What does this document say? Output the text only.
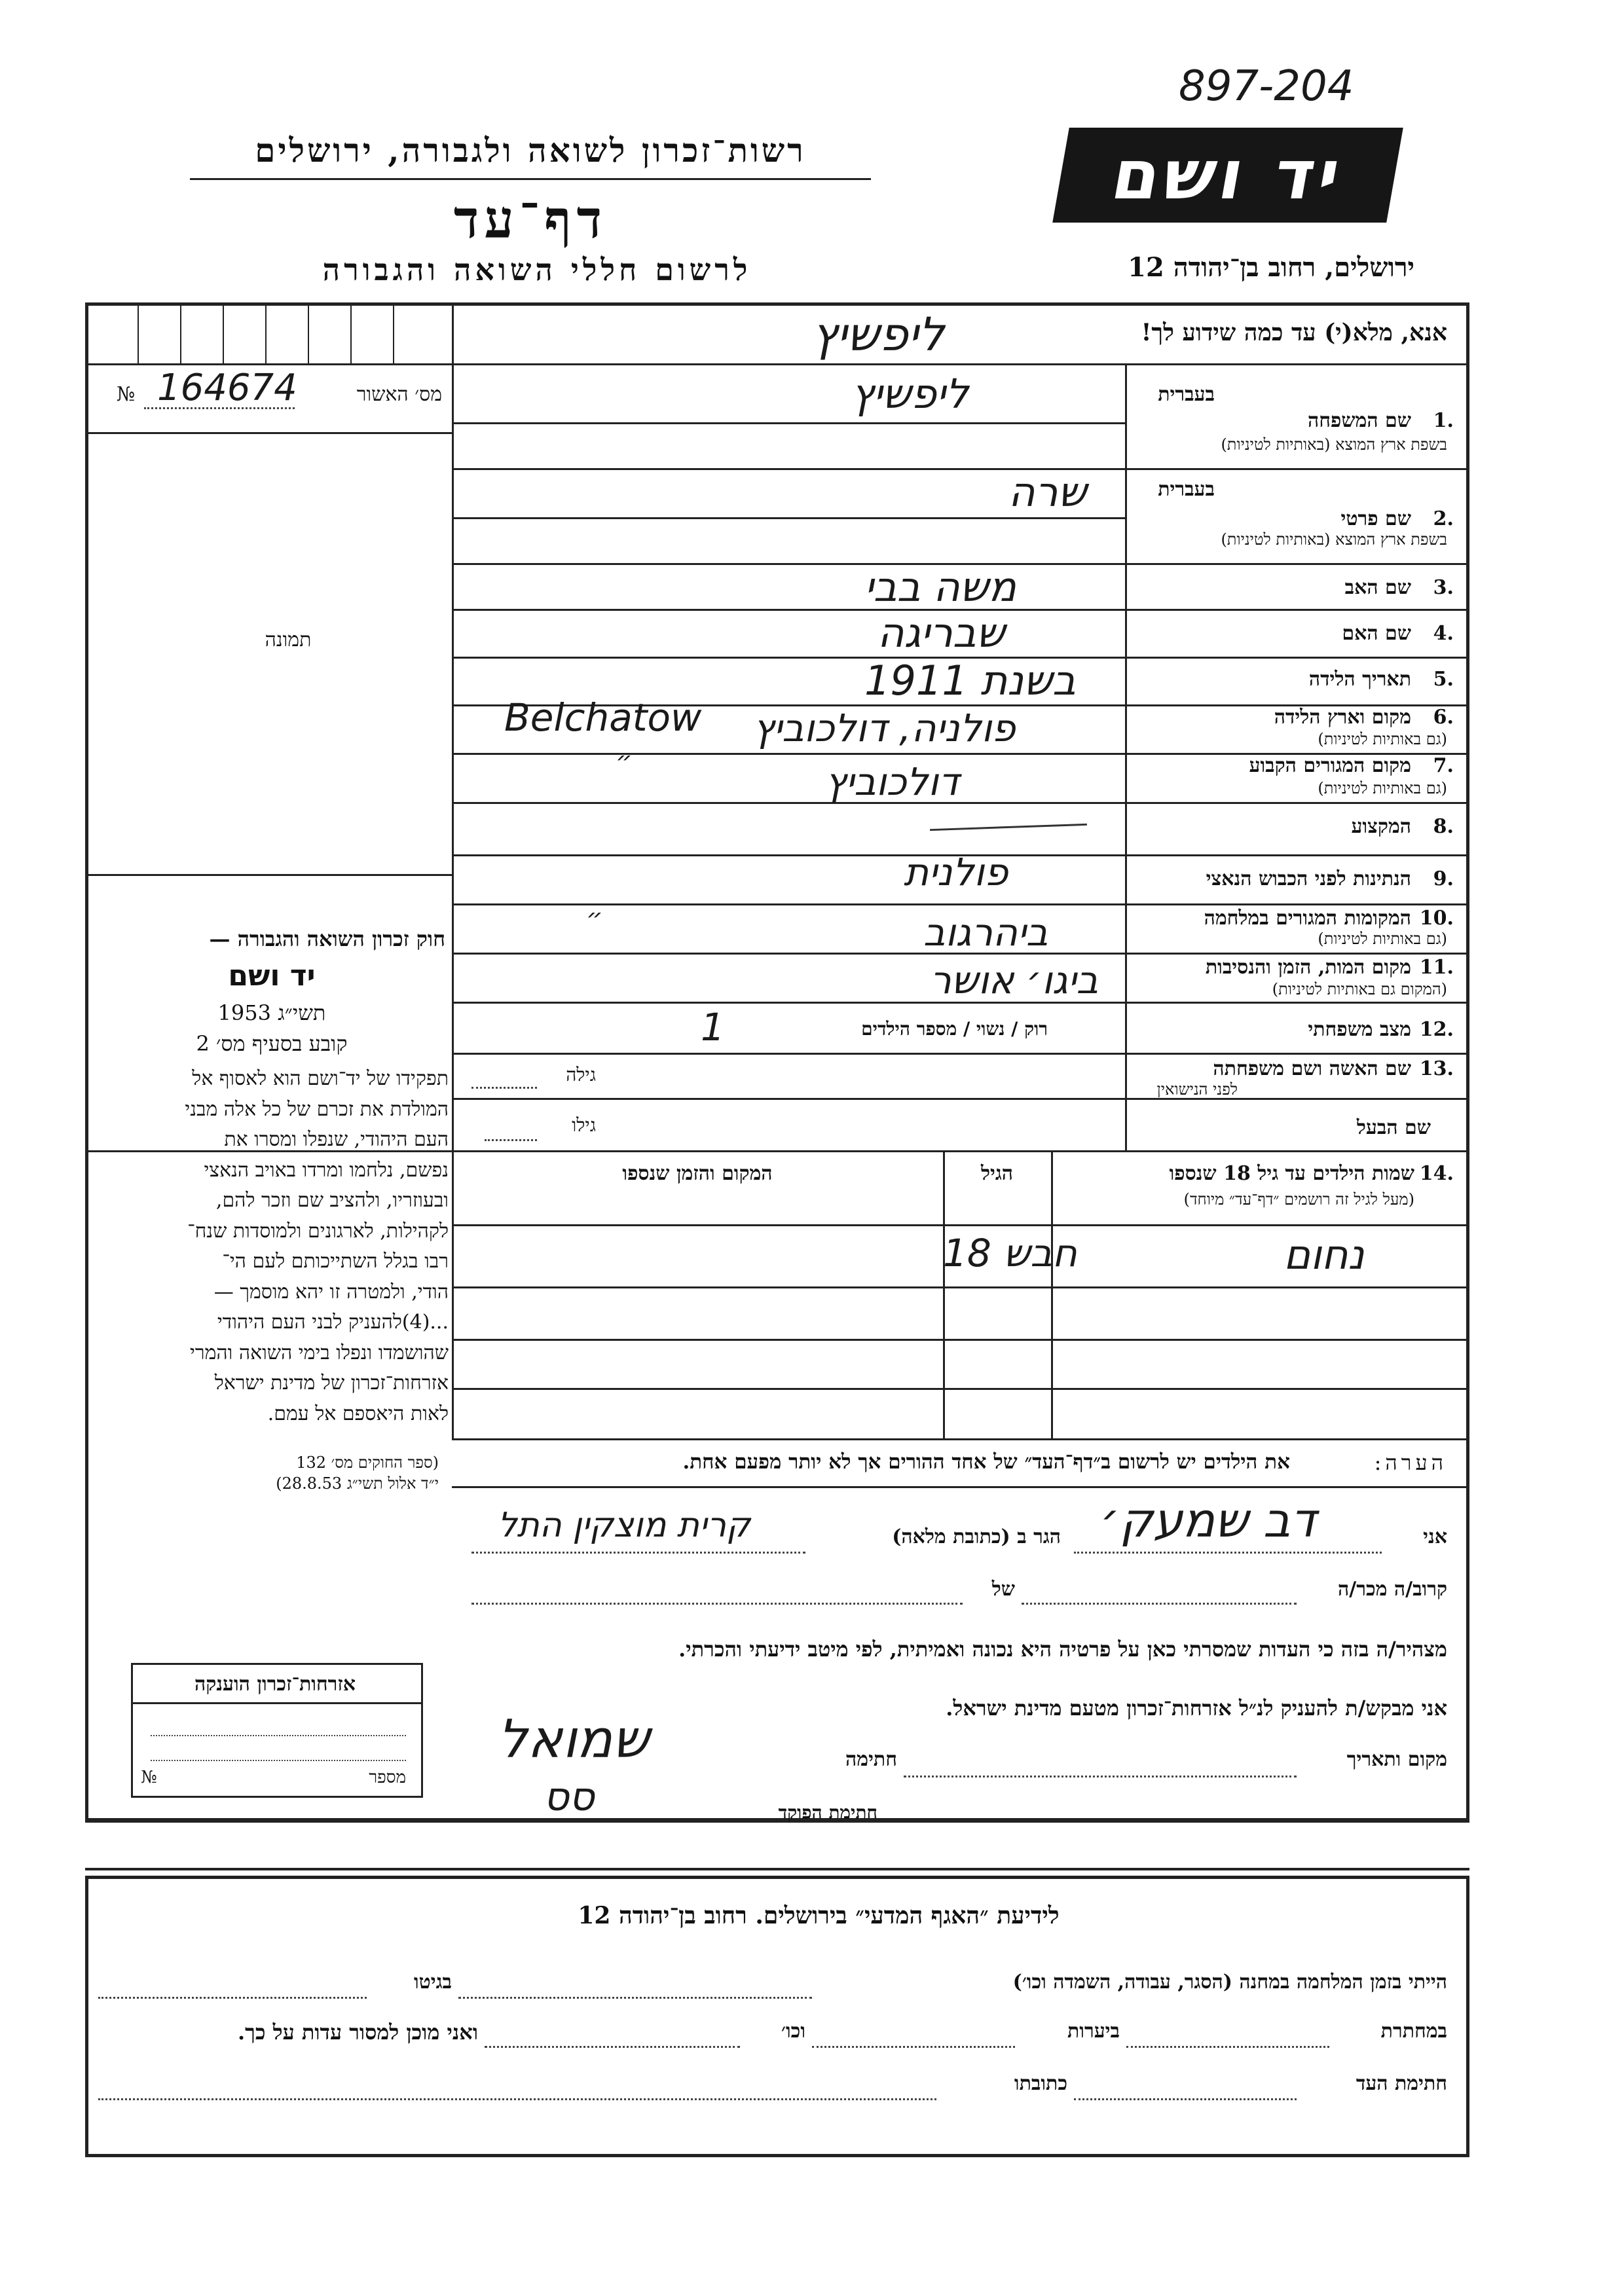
897-204
רשות־זכרון לשואה ולגבורה, ירושלים
דף־עד
לרשום חללי השואה והגבורה
יד ושם
ירושלים, רחוב בן־יהודה 12
אנא, מלא(י) עד כמה שידוע לך!
ליפשיץ
מס׳ האשור
№ 164674
תמונה
בעברית
1.
שם המשפחה
בשפת ארץ המוצא (באותיות לטיניות)
ליפשיץ
בעברית
2.
שם פרטי
בשפת ארץ המוצא (באותיות לטיניות)
שרה
3.
שם האב
משה בבי
4.
שם האם
שבריגה
5.
תאריך הלידה
בשנת 1911
6.
מקום וארץ הלידה
(גם באותיות לטיניות)
פולניה, דולכוביץ
Belchatow
7.
מקום המגורים הקבוע
(גם באותיות לטיניות)
דולכוביץ
״
8.
המקצוע
9.
הנתינות לפני הכבוש הנאצי
פולנית
10.
המקומות המגורים במלחמה
(גם באותיות לטיניות)
ביהרגוב
״
11.
מקום המות, הזמן והנסיבות
(המקום גם באותיות לטיניות)
ביגו׳ אושר
12.
מצב משפחתי
רוק / נשוי / מספר הילדים
1
13.
שם האשה ושם משפחתה
לפני הנישואין
גילה
שם הבעל
גילו
14.
שמות הילדים עד גיל 18 שנספו
(מעל לגיל זה רושמים ״דף־עד״ מיוחד)
הגיל
המקום והזמן שנספו
נחום
חבש 18
חוק זכרון השואה והגבורה —
יד ושם
תשי״ג 1953
קובע בסעיף מס׳ 2
תפקידו של יד־ושם הוא לאסוף אל
המולדת את זכרם של כל אלה מבני
העם היהודי, שנפלו ומסרו את
נפשם, נלחמו ומרדו באויב הנאצי
ובעוזריו, ולהציב שם וזכר להם,
לקהילות, לארגונים ולמוסדות שנח־
רבו בגלל השתייכותם לעם הי־
הודי, ולמטרה זו יהא מוסמך —
...(4)להעניק לבני העם היהודי
שהושמדו ונפלו בימי השואה והמרי
אזרחות־זכרון של מדינת ישראל
לאות היאספם אל עמם.
(ספר החוקים מס׳ 132
י״ד אלול תשי״ג 28.8.53)
הערה:
את הילדים יש לרשום ב״דף־העד״ של אחד ההורים אך לא יותר מפעם אחת.
אני
דב שמעק׳
הגר ב (כתובת מלאה)
קרית מוצקין התל
קרוב/ה מכר/ה
של
מצהיר/ה בזה כי העדות שמסרתי כאן על פרטיה היא נכונה ואמיתית, לפי מיטב ידיעתי והכרתי.
אני מבקש/ת להעניק לנ״ל אזרחות־זכרון מטעם מדינת ישראל.
מקום ותאריך
חתימה
שמואל
חתימת הפוקד
סס
אזרחות־זכרון הוענקה
מספר
№
לידיעת ״האגף המדעי״ בירושלים. רחוב בן־יהודה 12
הייתי בזמן המלחמה במחנה (הסגר, עבודה, השמדה וכו׳)
בגיטו
במחתרת
ביערות
וכו׳
ואני מוכן למסור עדות על כך.
חתימת העד
כתובתו
